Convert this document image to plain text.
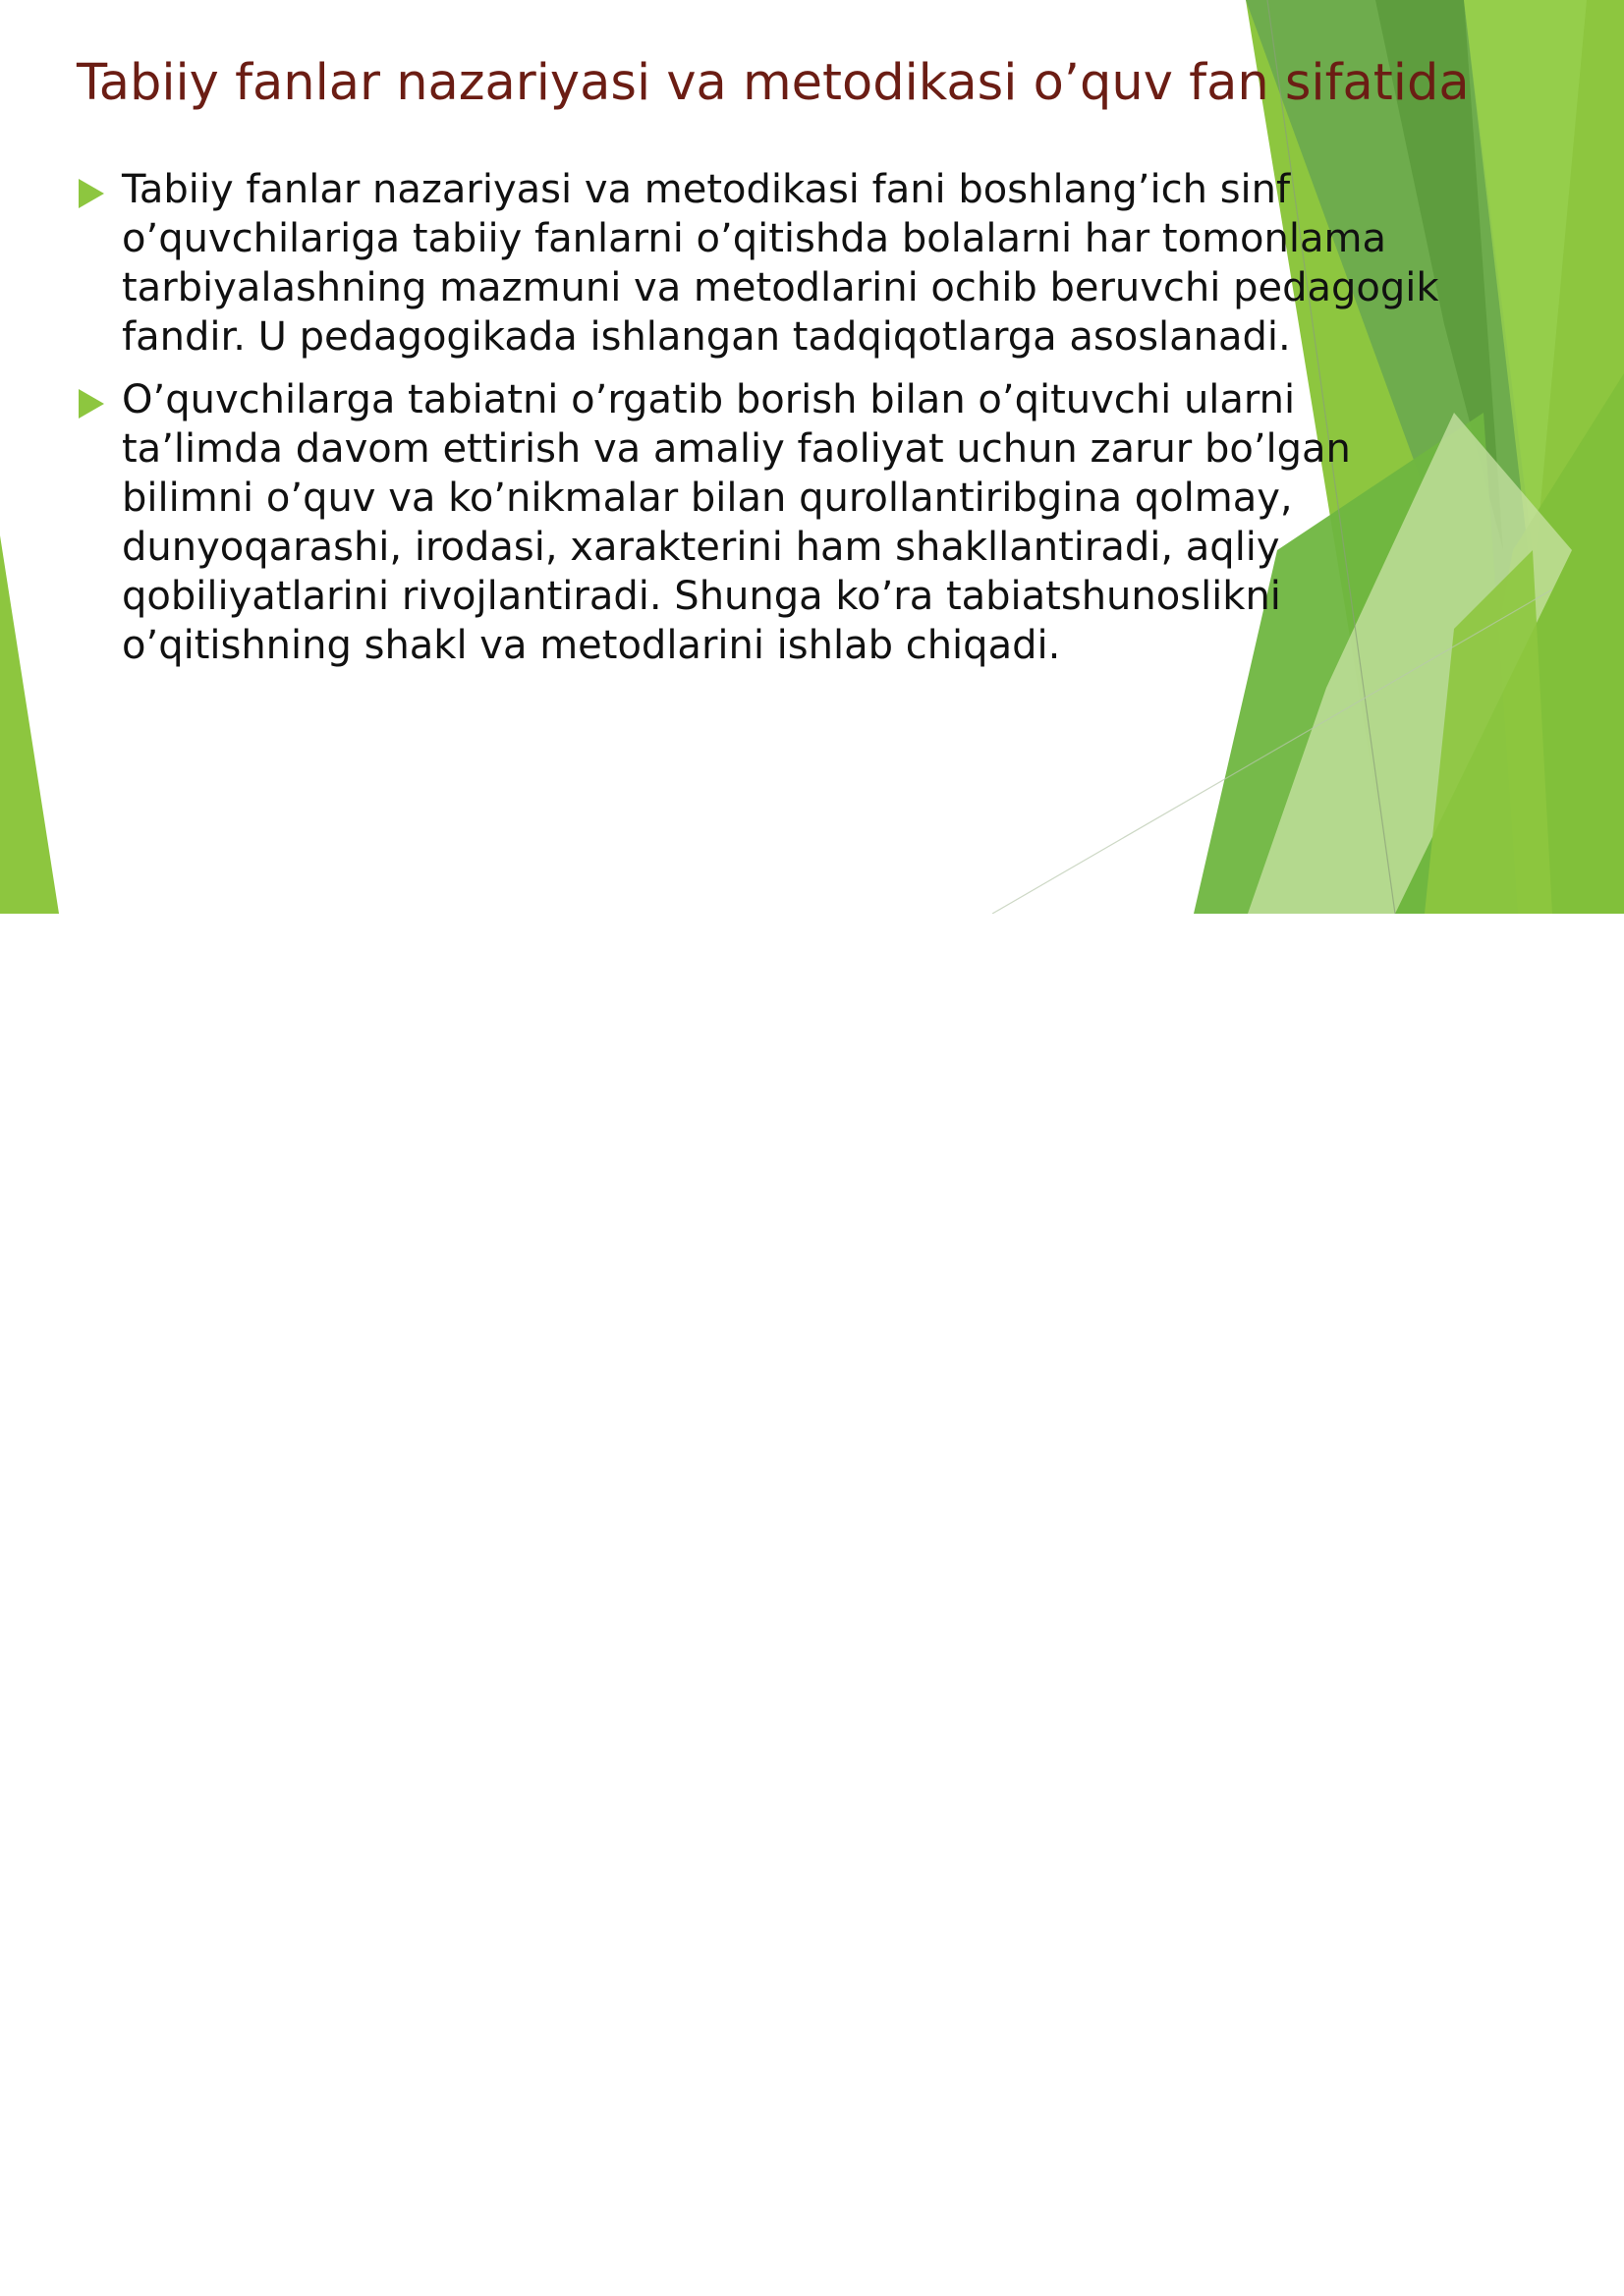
Tabiiy fanlar nazariyasi va metodikasi o’quv fan sifatida
Tabiiy fanlar nazariyasi va metodikasi fani boshlang’ich sinf
o’quvchilariga tabiiy fanlarni o’qitishda bolalarni har tomonlama
tarbiyalashning mazmuni va metodlarini ochib beruvchi pedagogik
fandir. U pedagogikada ishlangan tadqiqotlarga asoslanadi.
O’quvchilarga tabiatni o’rgatib borish bilan o’qituvchi ularni
ta’limda davom ettirish va amaliy faoliyat uchun zarur bo’lgan
bilimni o’quv va ko’nikmalar bilan qurollantiribgina qolmay,
dunyoqarashi, irodasi, xarakterini ham shakllantiradi, aqliy
qobiliyatlarini rivojlantiradi. Shunga ko’ra tabiatshunoslikni
o’qitishning shakl va metodlarini ishlab chiqadi.
